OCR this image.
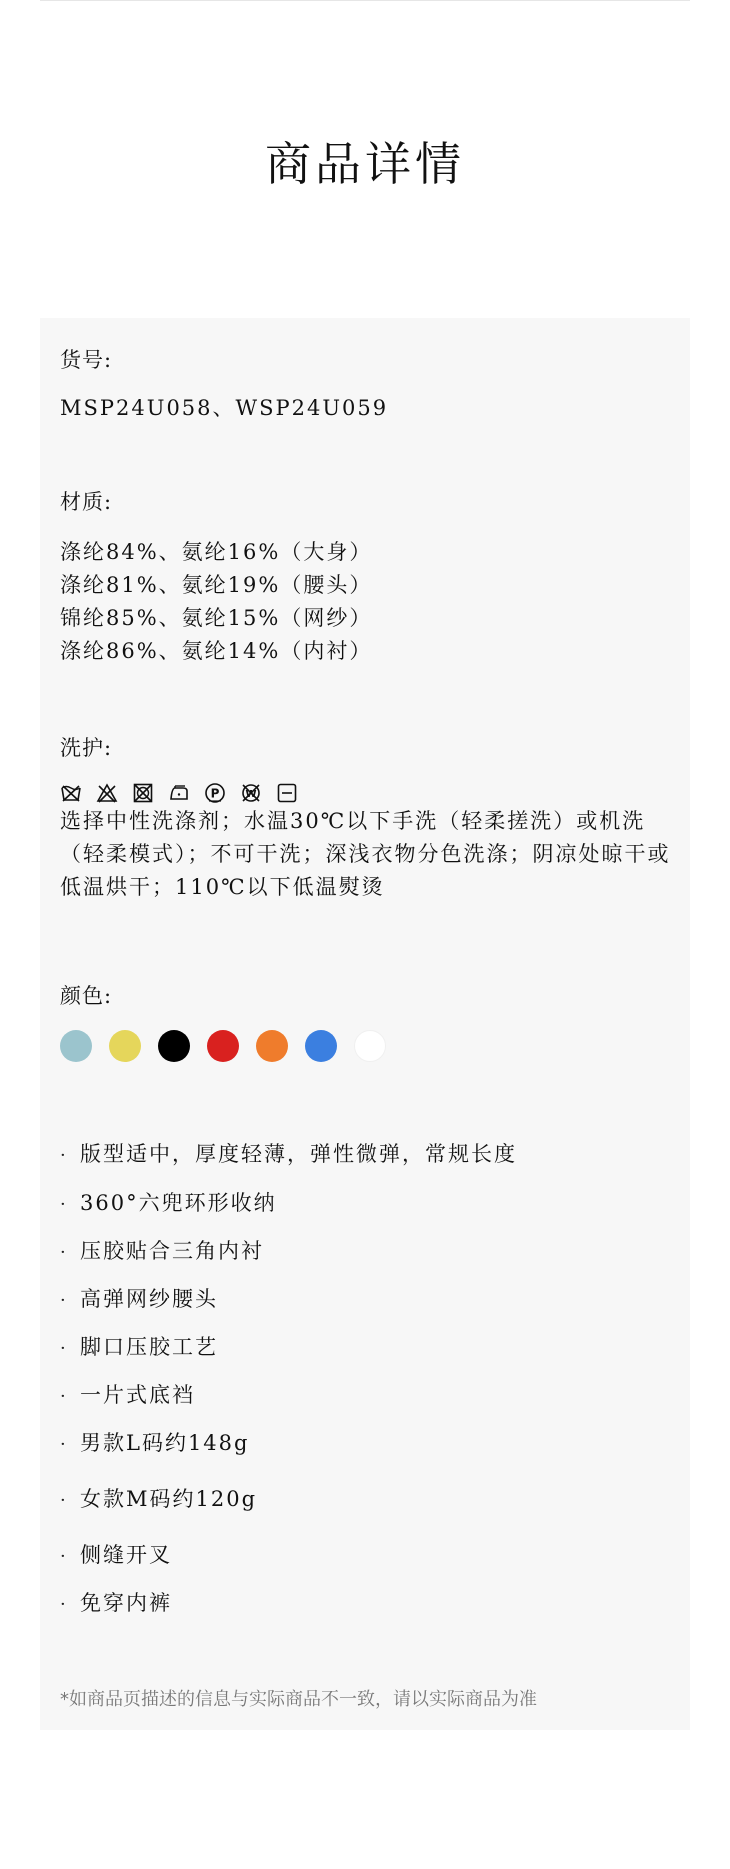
商品详情
货号:
MSP24U058、WSP24U059
材质:
涤纶84%、氨纶16%（大身）
涤纶81%、氨纶19%（腰头）
锦纶85%、氨纶15%（网纱）
涤纶86%、氨纶14%（内衬）
洗护:
P	W
选择中性洗涤剂；水温30℃以下手洗（轻柔搓洗）或机洗（轻柔模式）；不可干洗；深浅衣物分色洗涤；阴凉处晾干或低温烘干；110℃以下低温熨烫
颜色:
*如商品页描述的信息与实际商品不一致，请以实际商品为准
· 版型适中，厚度轻薄，弹性微弹，常规长度
· 360°六兜环形收纳
· 压胶贴合三角内衬
· 高弹网纱腰头
· 脚口压胶工艺
· 一片式底裆
· 男款L码约148g
· 女款M码约120g
· 侧缝开叉
· 免穿内裤
